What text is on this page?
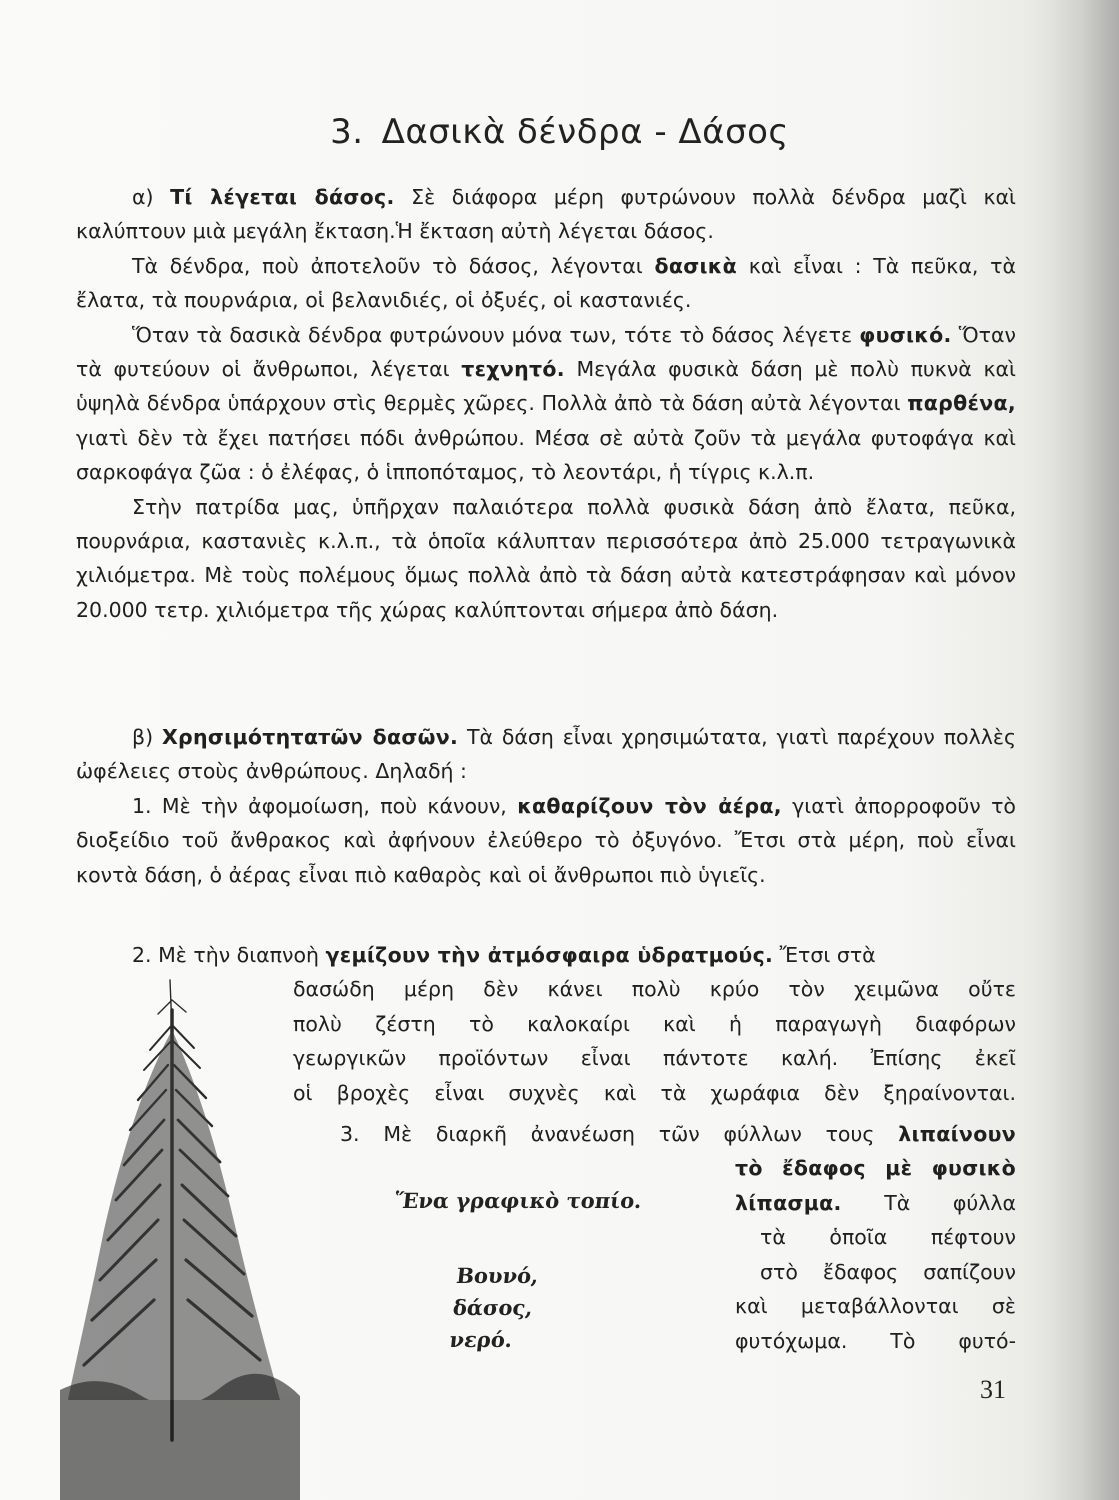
3. Δασικὰ δένδρα - Δάσος
α) Τί λέγεται δάσος. Σὲ διάφορα μέρη φυτρώνουν πολλὰ δένδρα μαζὶ καὶ καλύπτουν μιὰ μεγάλη ἔκταση.Ἡ ἔκταση αὐτὴ λέγεται δάσος.
Τὰ δένδρα, ποὺ ἀποτελοῦν τὸ δάσος, λέγονται δασικὰ καὶ εἶναι : Τὰ πεῦκα, τὰ ἔλατα, τὰ πουρνάρια, οἱ βελανιδιές, οἱ ὀξυές, οἱ καστανιές.
Ὅταν τὰ δασικὰ δένδρα φυτρώνουν μόνα των, τότε τὸ δάσος λέγετε φυσικό. Ὅταν τὰ φυτεύουν οἱ ἄνθρωποι, λέγεται τεχνητό. Μεγάλα φυσικὰ δάση μὲ πολὺ πυκνὰ καὶ ὑψηλὰ δένδρα ὑπάρχουν στὶς θερμὲς χῶρες. Πολλὰ ἀπὸ τὰ δάση αὐτὰ λέγονται παρθένα, γιατὶ δὲν τὰ ἔχει πατήσει πόδι ἀνθρώπου. Μέσα σὲ αὐτὰ ζοῦν τὰ μεγάλα φυτοφάγα καὶ σαρκοφάγα ζῶα : ὁ ἐλέφας, ὁ ἱπποπόταμος, τὸ λεοντάρι, ἡ τίγρις κ.λ.π.
Στὴν πατρίδα μας, ὑπῆρχαν παλαιότερα πολλὰ φυσικὰ δάση ἀπὸ ἔλατα, πεῦκα, πουρνάρια, καστανιὲς κ.λ.π., τὰ ὁποῖα κάλυπταν περισσότερα ἀπὸ 25.000 τετραγωνικὰ χιλιόμετρα. Μὲ τοὺς πολέμους ὅμως πολλὰ ἀπὸ τὰ δάση αὐτὰ κατεστράφησαν καὶ μόνον 20.000 τετρ. χιλιόμετρα τῆς χώρας καλύπτονται σήμερα ἀπὸ δάση.
β) Χρησιμότηταтῶν δασῶν. Τὰ δάση εἶναι χρησιμώτατα, γιατὶ παρέχουν πολλὲς ὠφέλειες στοὺς ἀνθρώπους. Δηλαδή :
1. Μὲ τὴν ἀφομοίωση, ποὺ κάνουν, καθαρίζουν τὸν ἀέρα, γιατὶ ἀπορροφοῦν τὸ διοξείδιο τοῦ ἄνθρακος καὶ ἀφήνουν ἐλεύθερο τὸ ὀξυγόνο. Ἔτσι στὰ μέρη, ποὺ εἶναι κοντὰ δάση, ὁ ἀέρας εἶναι πιὸ καθαρὸς καὶ οἱ ἄνθρωποι πιὸ ὑγιεῖς.
2. Μὲ τὴν διαπνοὴ γεμίζουν τὴν ἀτμόσφαιρα ὑδρατμούς. Ἔτσι στὰ
δασώδη μέρη δὲν κάνει πολὺ κρύο τὸν χειμῶνα οὔτε
πολὺ ζέστη τὸ καλοκαίρι καὶ ἡ παραγωγὴ διαφόρων
γεωργικῶν προϊόντων εἶναι πάντοτε καλή. Ἐπίσης ἐκεῖ
οἱ βροχὲς εἶναι συχνὲς καὶ τὰ χωράφια δὲν ξηραίνονται.
3. Μὲ διαρκῆ ἀνανέωση τῶν φύλλων τους λιπαίνουν
τὸ ἔδαφος μὲ φυσικὸ
λίπασμα. Τὰ φύλλα
τὰ ὁποῖα πέφτουν
στὸ ἔδαφος σαπίζουν
καὶ μεταβάλλονται σὲ
φυτόχωμα. Τὸ φυτό-
Ἕνα γραφικὸ τοπίο.
Βουνό,
δάσος,
νερό.
31
